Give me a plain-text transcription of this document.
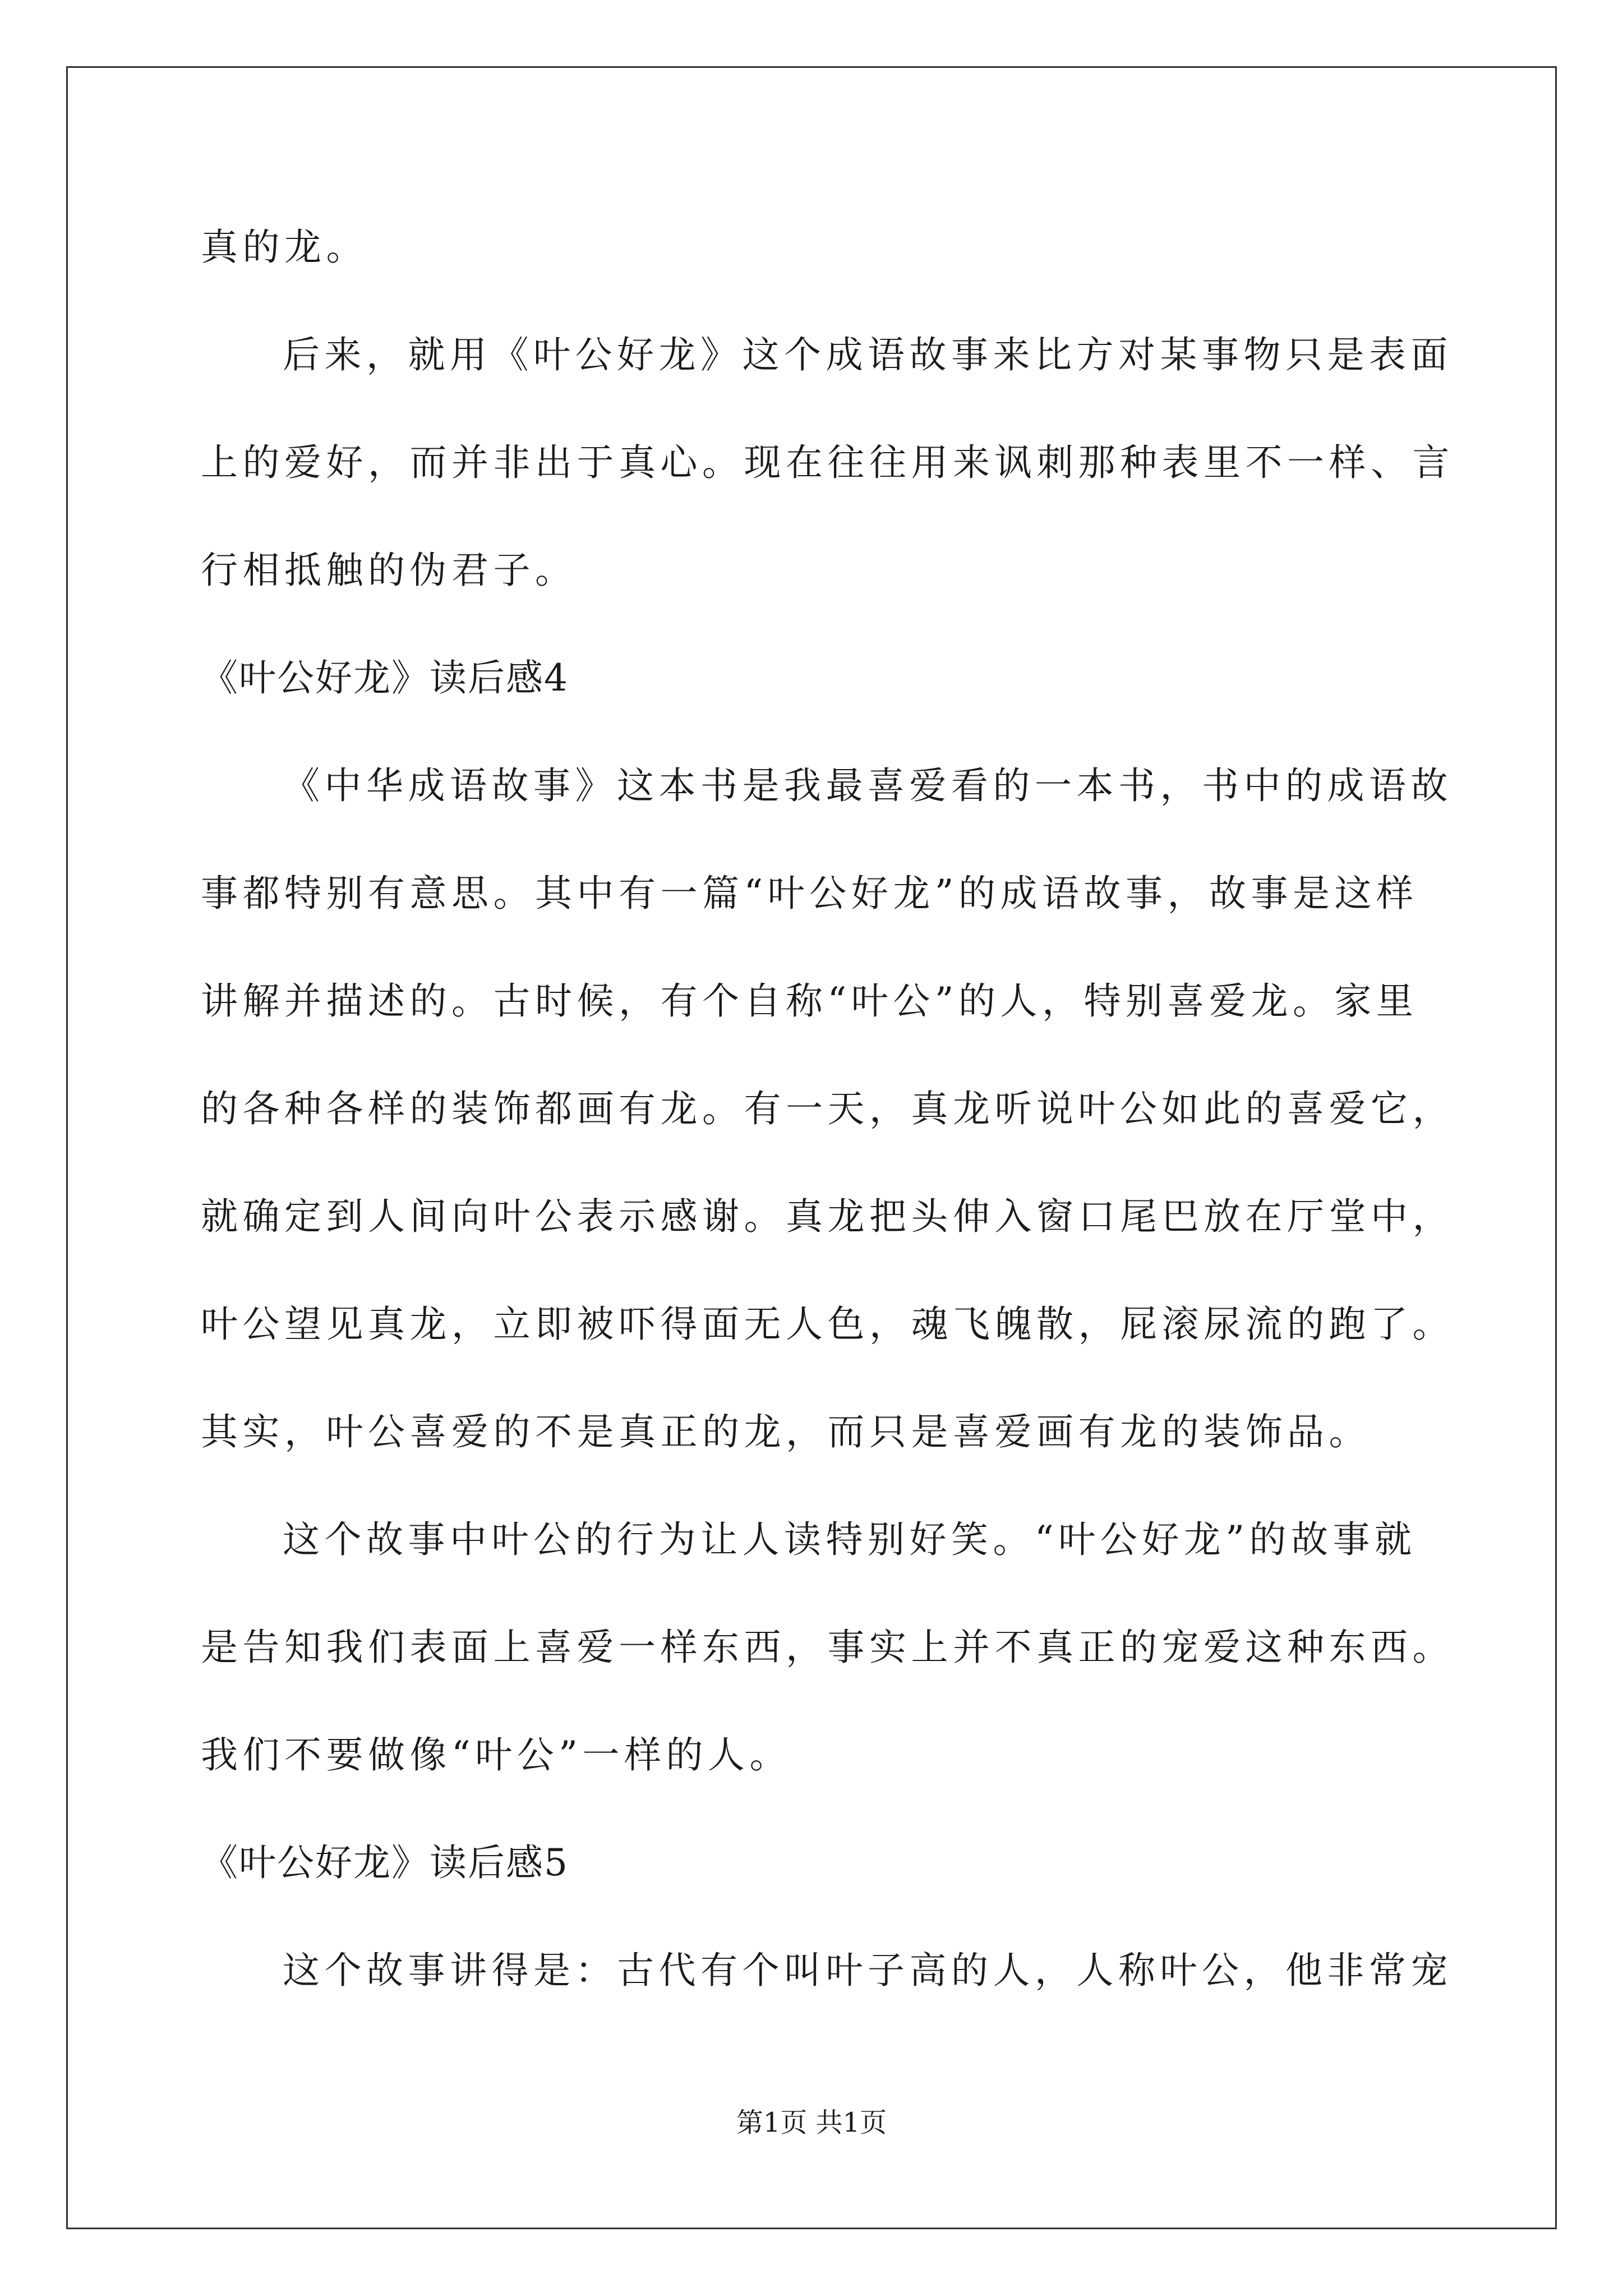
真的龙。
后来，就用《叶公好龙》这个成语故事来比方对某事物只是表面
上的爱好，而并非出于真心。现在往往用来讽刺那种表里不一样、言
行相抵触的伪君子。
《叶公好龙》读后感4
《中华成语故事》这本书是我最喜爱看的一本书，书中的成语故
事都特别有意思。其中有一篇“叶公好龙”的成语故事，故事是这样
讲解并描述的。古时候，有个自称“叶公”的人，特别喜爱龙。家里
的各种各样的装饰都画有龙。有一天，真龙听说叶公如此的喜爱它，
就确定到人间向叶公表示感谢。真龙把头伸入窗口尾巴放在厅堂中，
叶公望见真龙，立即被吓得面无人色，魂飞魄散，屁滚尿流的跑了。
其实，叶公喜爱的不是真正的龙，而只是喜爱画有龙的装饰品。
这个故事中叶公的行为让人读特别好笑。“叶公好龙”的故事就
是告知我们表面上喜爱一样东西，事实上并不真正的宠爱这种东西。
我们不要做像“叶公”一样的人。
《叶公好龙》读后感5
这个故事讲得是：古代有个叫叶子高的人，人称叶公，他非常宠
第1页 共1页
